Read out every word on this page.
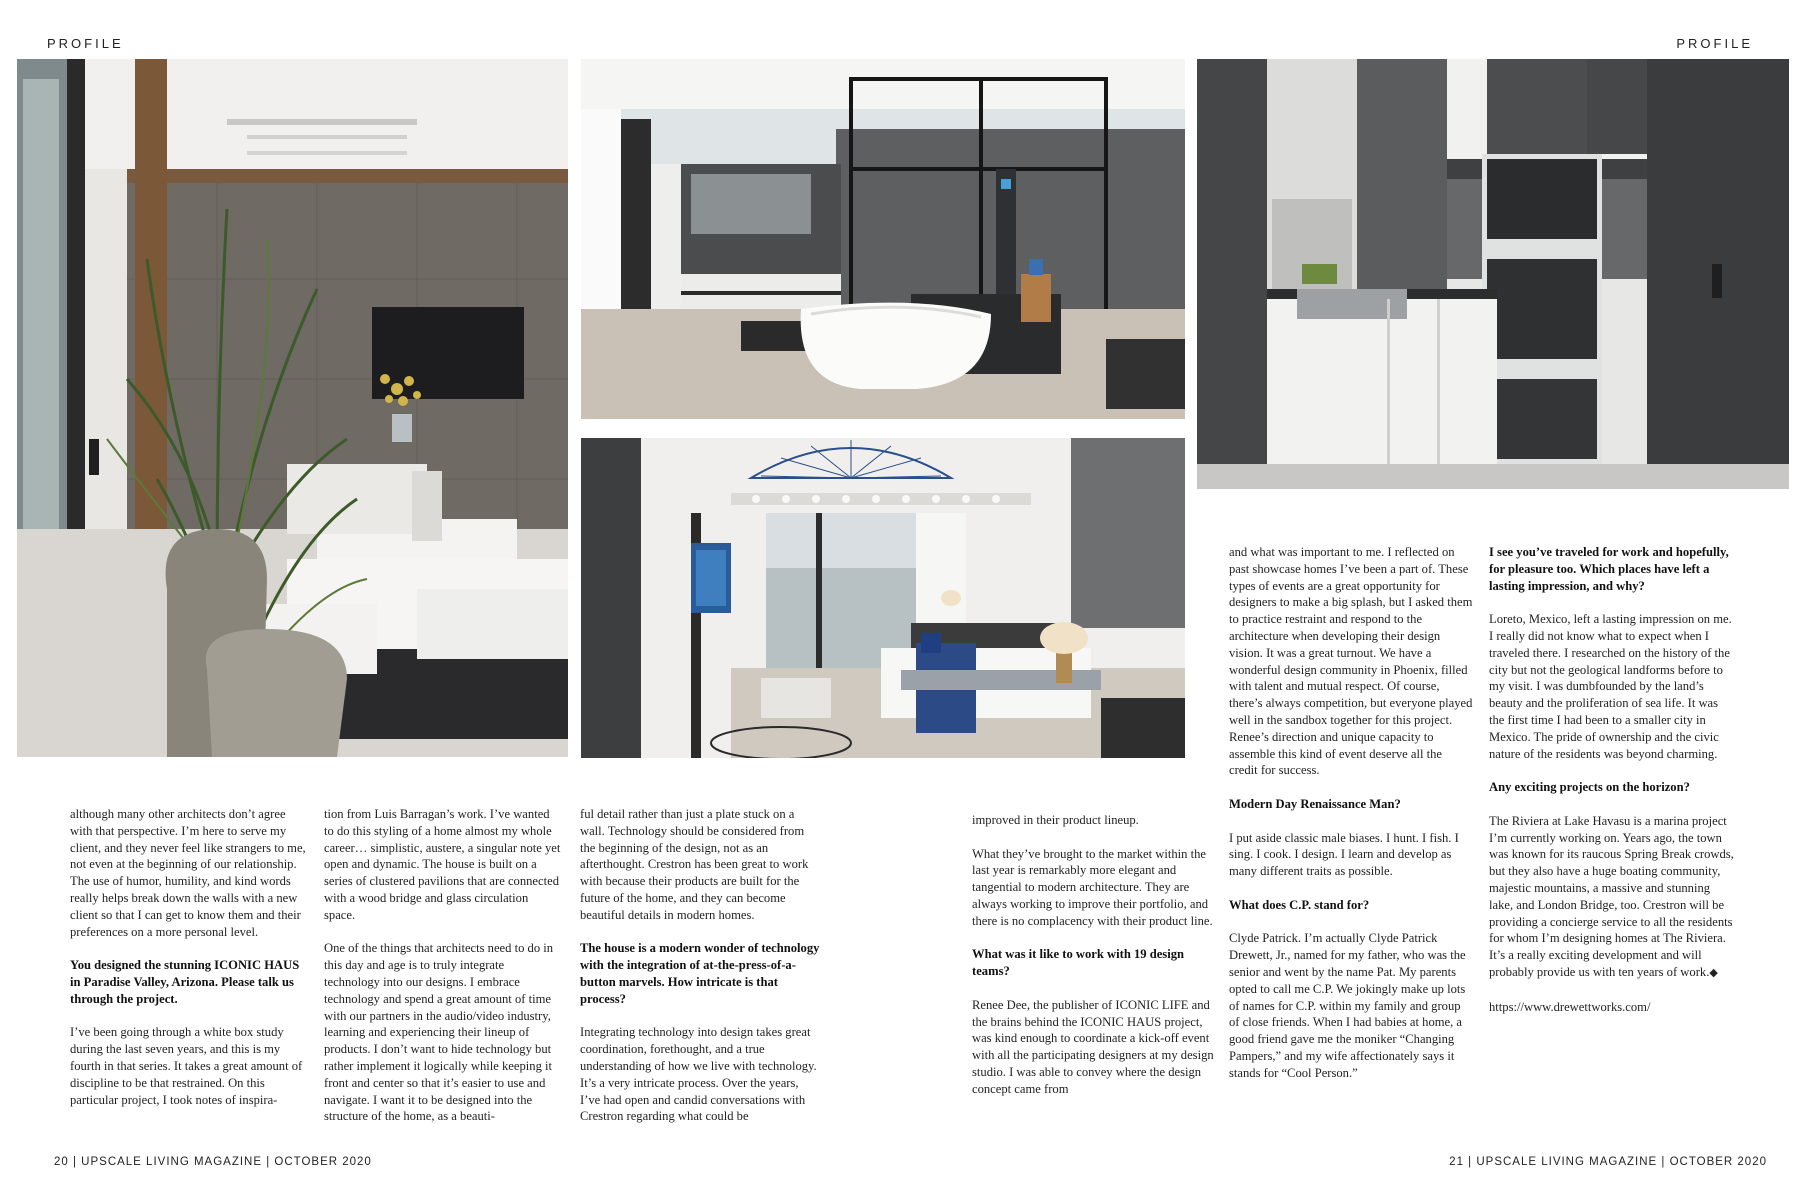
PROFILE	PROFILE

although many other architects don’t agree with that perspective. I’m here to serve my client, and they never feel like strangers to me, not even at the beginning of our relationship. The use of humor, humility, and kind words really helps break down the walls with a new client so that I can get to know them and their preferences on a more personal level.

You designed the stunning ICONIC HAUS in Paradise Valley, Arizona. Please talk us through the project.

I’ve been going through a white box study during the last seven years, and this is my fourth in that series. It takes a great amount of discipline to be that restrained. On this particular project, I took notes of inspira-

tion from Luis Barragan’s work. I’ve wanted to do this styling of a home almost my whole career… simplistic, austere, a singular note yet open and dynamic. The house is built on a series of clustered pavilions that are connected with a wood bridge and glass circulation space.

One of the things that architects need to do in this day and age is to truly integrate technology into our designs. I embrace technology and spend a great amount of time with our partners in the audio/video industry, learning and experiencing their lineup of products. I don’t want to hide technology but rather implement it logically while keeping it front and center so that it’s easier to use and navigate. I want it to be designed into the structure of the home, as a beauti-

ful detail rather than just a plate stuck on a wall. Technology should be considered from the beginning of the design, not as an afterthought. Crestron has been great to work with because their products are built for the future of the home, and they can become beautiful details in modern homes.

The house is a modern wonder of technology with the integration of at-the-press-of-a-button marvels. How intricate is that process?

Integrating technology into design takes great coordination, forethought, and a true understanding of how we live with technology. It’s a very intricate process. Over the years, I’ve had open and candid conversations with Crestron regarding what could be

improved in their product lineup.

What they’ve brought to the market within the last year is remarkably more elegant and tangential to modern architecture. They are always working to improve their portfolio, and there is no complacency with their product line.

What was it like to work with 19 design teams?

Renee Dee, the publisher of ICONIC LIFE and the brains behind the ICONIC HAUS project, was kind enough to coordinate a kick-off event with all the participating designers at my design studio. I was able to convey where the design concept came from

and what was important to me. I reflected on past showcase homes I’ve been a part of. These types of events are a great opportunity for designers to make a big splash, but I asked them to practice restraint and respond to the architecture when developing their design vision. It was a great turnout. We have a wonderful design community in Phoenix, filled with talent and mutual respect. Of course, there’s always competition, but everyone played well in the sandbox together for this project. Renee’s direction and unique capacity to assemble this kind of event deserve all the credit for success.

Modern Day Renaissance Man?

I put aside classic male biases. I hunt. I fish. I sing. I cook. I design. I learn and develop as many different traits as possible.

What does C.P. stand for?

Clyde Patrick. I’m actually Clyde Patrick Drewett, Jr., named for my father, who was the senior and went by the name Pat. My parents opted to call me C.P. We jokingly make up lots of names for C.P. within my family and group of close friends. When I had babies at home, a good friend gave me the moniker “Changing Pampers,” and my wife affectionately says it stands for “Cool Person.”

I see you’ve traveled for work and hopefully, for pleasure too. Which places have left a lasting impression, and why?

Loreto, Mexico, left a lasting impression on me. I really did not know what to expect when I traveled there. I researched on the history of the city but not the geological landforms before to my visit. I was dumbfounded by the land’s beauty and the proliferation of sea life. It was the first time I had been to a smaller city in Mexico. The pride of ownership and the civic nature of the residents was beyond charming.

Any exciting projects on the horizon?

The Riviera at Lake Havasu is a marina project I’m currently working on. Years ago, the town was known for its raucous Spring Break crowds, but they also have a huge boating community, majestic mountains, a massive and stunning lake, and London Bridge, too. Crestron will be providing a concierge service to all the residents for whom I’m designing homes at The Riviera. It’s a really exciting development and will probably provide us with ten years of work.◆

https://www.drewettworks.com/

20 | UPSCALE LIVING MAGAZINE | OCTOBER 2020	21 | UPSCALE LIVING MAGAZINE | OCTOBER 2020
